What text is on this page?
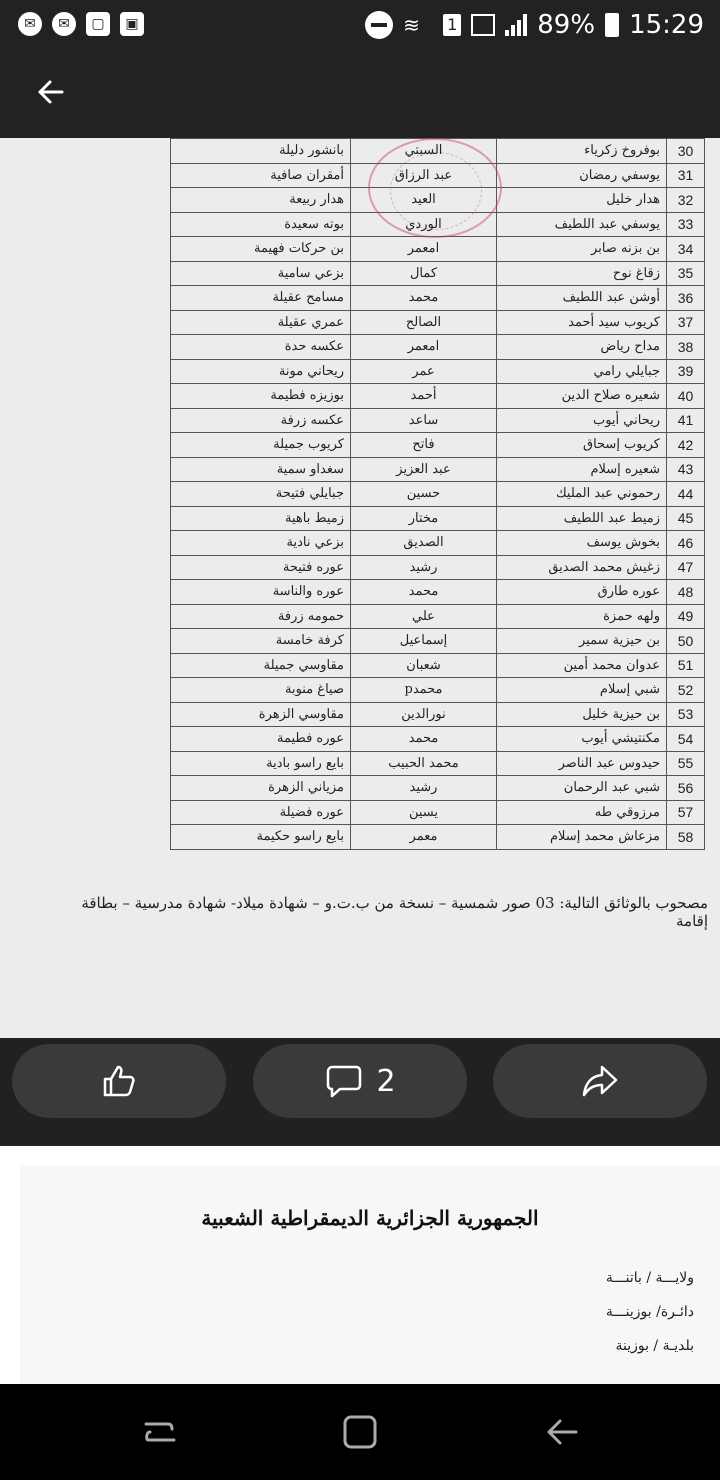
✉	✉	▢	▣	≋	1	89% 15:29
بانشور دليلة	السبتي	بوفروخ زكرياء	30
أمقران صافية	عبد الرزاق	يوسفي رمضان	31
هدار ربيعة	العيد	هدار خليل	32
بوته سعيدة	الوردي	يوسفي عبد اللطيف	33
بن حركات فهيمة	امعمر	بن بزنه صابر	34
بزعي سامية	كمال	زقاغ نوح	35
مسامح عقيلة	محمد	أوشن عبد اللطيف	36
عمري عقيلة	الصالح	كريوب سيد أحمد	37
عكسه حدة	امعمر	مداح رياض	38
ريحاني مونة	عمر	جبايلي رامي	39
بوزيزه فطيمة	أحمد	شعيره صلاح الدين	40
عكسه زرفة	ساعد	ريحاني أيوب	41
كريوب جميلة	فاتح	كريوب إسحاق	42
سغداو سمية	عبد العزيز	شعيره إسلام	43
جبايلي فتيحة	حسين	رحموني عبد المليك	44
زميط باهية	مختار	زميط عبد اللطيف	45
بزعي نادية	الصديق	بخوش يوسف	46
عوره فتيحة	رشيد	زغيش محمد الصديق	47
عوره والناسة	محمد	عوره طارق	48
حمومه زرفة	علي	ولهه حمزة	49
كرفة خامسة	إسماعيل	بن حيزية سمير	50
مقاوسي جميلة	شعبان	عدوان محمد أمين	51
صياغ منوبة	محمدp	شبي إسلام	52
مقاوسي الزهرة	نورالدين	بن حيزية خليل	53
عوره فطيمة	محمد	مكنتيشي أيوب	54
بايع راسو بادية	محمد الحبيب	حيدوس عبد الناصر	55
مزياني الزهرة	رشيد	شبي عبد الرحمان	56
عوره فضيلة	يسين	مرزوقي طه	57
بايع راسو حكيمة	معمر	مزعاش محمد إسلام	58
مصحوب بالوثائق التالية: 03 صور شمسية – نسخة من ب.ت.و – شهادة ميلاد- شهادة مدرسية – بطاقة إقامة
2
الجمهورية الجزائرية الديمقراطية الشعبية
ولايـــة / باتنـــة
دائـرة/ بوزينـــة
بلديـة / بوزينة
